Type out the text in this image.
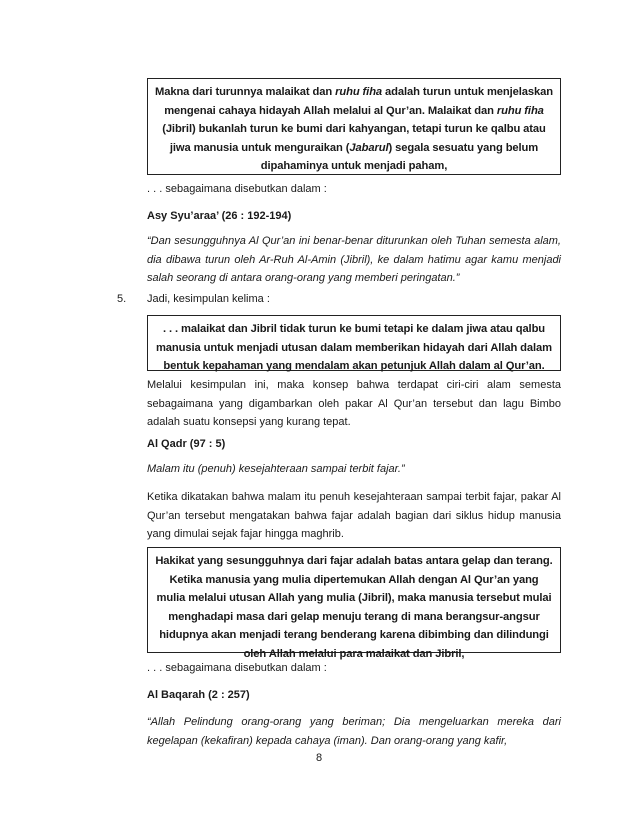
Makna dari turunnya malaikat dan ruhu fiha adalah turun untuk menjelaskan mengenai cahaya hidayah Allah melalui al Qur’an. Malaikat dan ruhu fiha (Jibril) bukanlah turun ke bumi dari kahyangan, tetapi turun ke qalbu atau jiwa manusia untuk menguraikan (Jabarul) segala sesuatu yang belum dipahaminya untuk menjadi paham,
. . . sebagaimana disebutkan dalam :
Asy Syu’araa’ (26 : 192-194)
“Dan sesungguhnya Al Qur’an ini benar-benar diturunkan oleh Tuhan semesta alam, dia dibawa turun oleh Ar-Ruh Al-Amin (Jibril), ke dalam hatimu agar kamu menjadi salah seorang di antara orang-orang yang memberi peringatan.”
5. Jadi, kesimpulan kelima :
. . . malaikat dan Jibril tidak turun ke bumi tetapi ke dalam jiwa atau qalbu manusia untuk menjadi utusan dalam memberikan hidayah dari Allah dalam bentuk kepahaman yang mendalam akan petunjuk Allah dalam al Qur’an.
Melalui kesimpulan ini, maka konsep bahwa terdapat ciri-ciri alam semesta sebagaimana yang digambarkan oleh pakar Al Qur’an tersebut dan lagu Bimbo adalah suatu konsepsi yang kurang tepat.
Al Qadr (97 : 5)
Malam itu (penuh) kesejahteraan sampai terbit fajar.”
Ketika dikatakan bahwa malam itu penuh kesejahteraan sampai terbit fajar, pakar Al Qur’an tersebut mengatakan bahwa fajar adalah bagian dari siklus hidup manusia yang dimulai sejak fajar hingga maghrib.
Hakikat yang sesungguhnya dari fajar adalah batas antara gelap dan terang. Ketika manusia yang mulia dipertemukan Allah dengan Al Qur’an yang mulia melalui utusan Allah yang mulia (Jibril), maka manusia tersebut mulai menghadapi masa dari gelap menuju terang di mana berangsur-angsur hidupnya akan menjadi terang benderang karena dibimbing dan dilindungi oleh Allah melalui para malaikat dan Jibril,
. . . sebagaimana disebutkan dalam :
Al Baqarah (2 : 257)
“Allah Pelindung orang-orang yang beriman; Dia mengeluarkan mereka dari kegelapan (kekafiran) kepada cahaya (iman). Dan orang-orang yang kafir,
8
